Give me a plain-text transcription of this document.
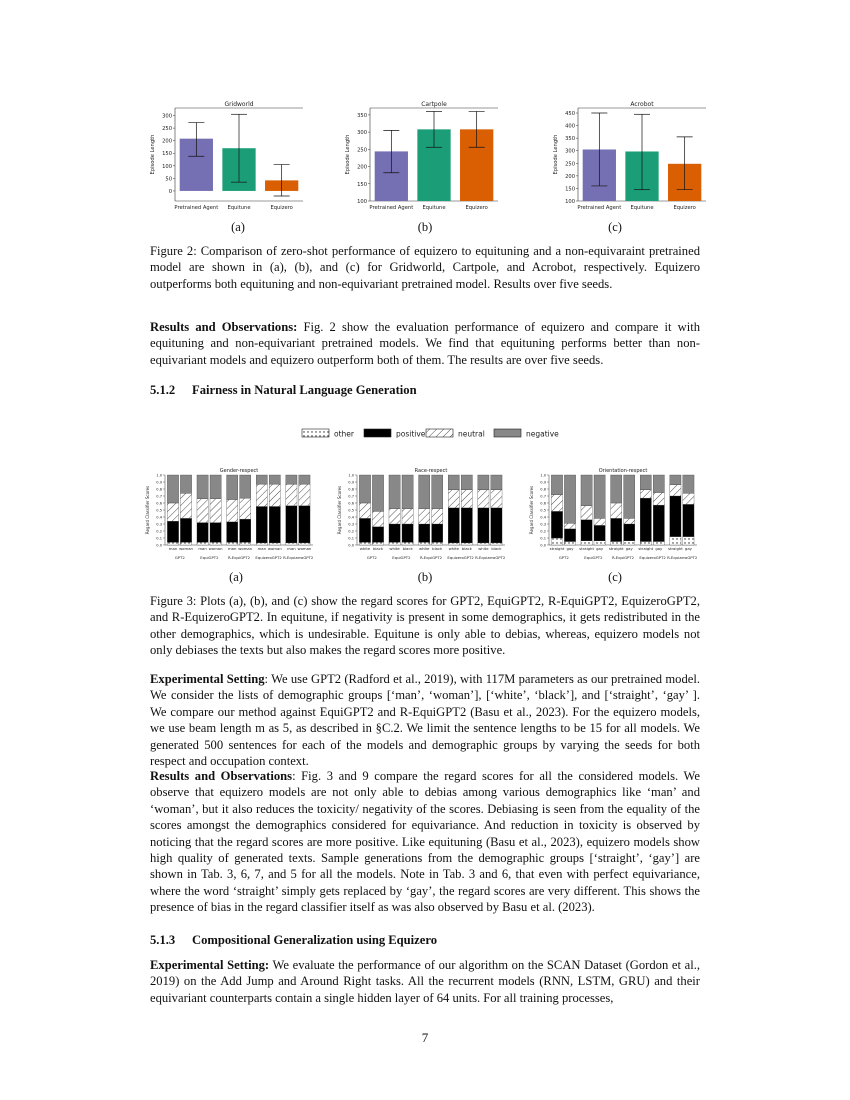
Gridworld
0
50
100
150
200
250
300
Episode Length
Pretrained Agent Equitune	Equizero
Cartpole
100
150
200
250
300
350
Episode Length
Pretrained Agent Equitune	Equizero
Acrobot
100
150
200
250
300
350
400
450
Episode Length
Pretrained Agent Equitune	Equizero
(a)	(b)	(c)
Figure 2: Comparison of zero-shot performance of equizero to equituning and a non-equivaraint pretrained model are shown in (a), (b), and (c) for Gridworld, Cartpole, and Acrobot, respectively. Equizero outperforms both equituning and non-equivariant pretrained model. Results over five seeds.
Results and Observations: Fig. 2 show the evaluation performance of equizero and compare it with equituning and non-equivariant pretrained models. We find that equituning performs better than non-equivariant models and equizero outperform both of them. The results are over five seeds.
5.1.2 Fairness in Natural Language Generation
other	positive	neutral	negative
Gender-respect
0.0
0.1
0.2
0.3
0.4
0.5
0.6
0.7
0.8
0.9
1.0
Regard Classifier Scores
man woman man woman man woman man woman man woman
GPT2	EquiGPT2 R-EquiGPT2 EquizeroGPT2 R-EquizeroGPT2
Race-respect
0.0
0.1
0.2
0.3
0.4
0.5
0.6
0.7
0.8
0.9
1.0
Regard Classifier Scores
white black white black white black white black white black
GPT2	EquiGPT2 R-EquiGPT2 EquizeroGPT2 R-EquizeroGPT2
Orientation-respect
0.0
0.1
0.2
0.3
0.4
0.5
0.6
0.7
0.8
0.9
1.0
Regard Classifier Scores
straight gay straight gay straight gay straight gay straight gay
GPT2	EquiGPT2 R-EquiGPT2 EquizeroGPT2 R-EquizeroGPT2
(a)	(b)	(c)
Figure 3: Plots (a), (b), and (c) show the regard scores for GPT2, EquiGPT2, R-EquiGPT2, EquizeroGPT2, and R-EquizeroGPT2. In equitune, if negativity is present in some demographics, it gets redistributed in the other demographics, which is undesirable. Equitune is only able to debias, whereas, equizero models not only debiases the texts but also makes the regard scores more positive.
Experimental Setting: We use GPT2 (Radford et al., 2019), with 117M parameters as our pretrained model. We consider the lists of demographic groups [‘man’, ‘woman’], [‘white’, ‘black’], and [‘straight’, ‘gay’ ]. We compare our method against EquiGPT2 and R-EquiGPT2 (Basu et al., 2023). For the equizero models, we use beam length m as 5, as described in §C.2. We limit the sentence lengths to be 15 for all models. We generated 500 sentences for each of the models and demographic groups by varying the seeds for both respect and occupation context.
Results and Observations: Fig. 3 and 9 compare the regard scores for all the considered models. We observe that equizero models are not only able to debias among various demographics like ‘man’ and ‘woman’, but it also reduces the toxicity/ negativity of the scores. Debiasing is seen from the equality of the scores amongst the demographics considered for equivariance. And reduction in toxicity is observed by noticing that the regard scores are more positive. Like equituning (Basu et al., 2023), equizero models show high quality of generated texts. Sample generations from the demographic groups [‘straight’, ‘gay’] are shown in Tab. 3, 6, 7, and 5 for all the models. Note in Tab. 3 and 6, that even with perfect equivariance, where the word ‘straight’ simply gets replaced by ‘gay’, the regard scores are very different. This shows the presence of bias in the regard classifier itself as was also observed by Basu et al. (2023).
5.1.3 Compositional Generalization using Equizero
Experimental Setting: We evaluate the performance of our algorithm on the SCAN Dataset (Gordon et al., 2019) on the Add Jump and Around Right tasks. All the recurrent models (RNN, LSTM, GRU) and their equivariant counterparts contain a single hidden layer of 64 units. For all training processes,
7
